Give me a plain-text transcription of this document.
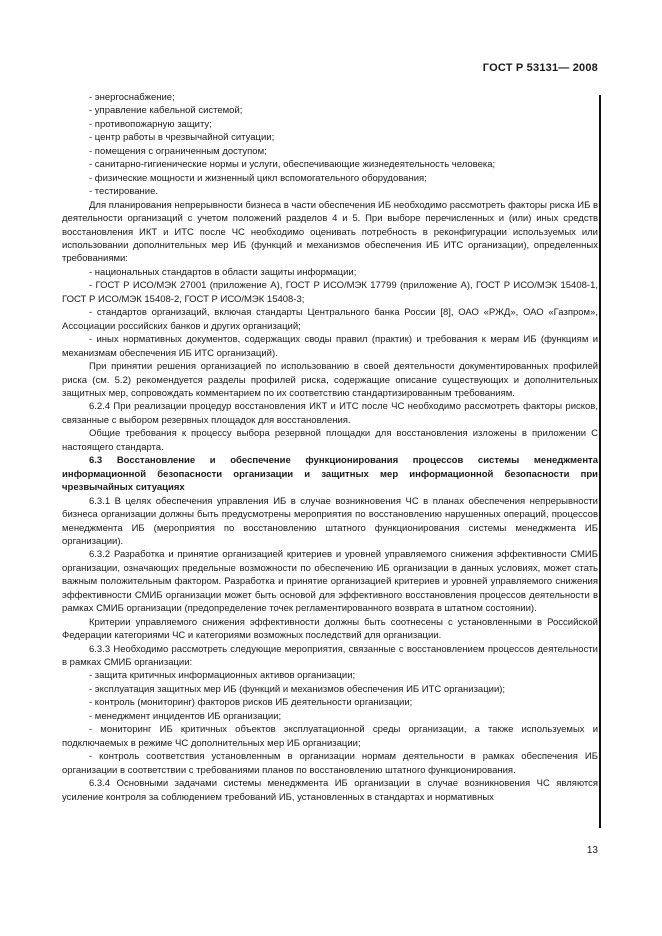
ГОСТ Р 53131— 2008
- энергоснабжение;
- управление кабельной системой;
- противопожарную защиту;
- центр работы в чрезвычайной ситуации;
- помещения с ограниченным доступом;
- санитарно-гигиенические нормы и услуги, обеспечивающие жизнедеятельность человека;
- физические мощности и жизненный цикл вспомогательного оборудования;
- тестирование.

Для планирования непрерывности бизнеса в части обеспечения ИБ необходимо рассмотреть факторы риска ИБ в деятельности организаций с учетом положений разделов 4 и 5. При выборе перечисленных и (или) иных средств восстановления ИКТ и ИТС после ЧС необходимо оценивать потребность в реконфигурации используемых или использовании дополнительных мер ИБ (функций и механизмов обеспечения ИБ ИТС организации), определенных требованиями:

- национальных стандартов в области защиты информации;

- ГОСТ Р ИСО/МЭК 27001 (приложение А), ГОСТ Р ИСО/МЭК 17799 (приложение А), ГОСТ Р ИСО/МЭК 15408-1, ГОСТ Р ИСО/МЭК 15408-2, ГОСТ Р ИСО/МЭК 15408-3;

- стандартов организаций, включая стандарты Центрального банка России [8], ОАО «РЖД», ОАО «Газпром», Ассоциации российских банков и других организаций;

- иных нормативных документов, содержащих своды правил (практик) и требования к мерам ИБ (функциям и механизмам обеспечения ИБ ИТС организаций).

При принятии решения организацией по использованию в своей деятельности документированных профилей риска (см. 5.2) рекомендуется разделы профилей риска, содержащие описание существующих и дополнительных защитных мер, сопровождать комментарием по их соответствию стандартизированным требованиям.

6.2.4 При реализации процедур восстановления ИКТ и ИТС после ЧС необходимо рассмотреть факторы рисков, связанные с выбором резервных площадок для восстановления.

Общие требования к процессу выбора резервной площадки для восстановления изложены в приложении С настоящего стандарта.

6.3 Восстановление и обеспечение функционирования процессов системы менеджмента информационной безопасности организации и защитных мер информационной безопасности при чрезвычайных ситуациях

6.3.1 В целях обеспечения управления ИБ в случае возникновения ЧС в планах обеспечения непрерывности бизнеса организации должны быть предусмотрены мероприятия по восстановлению нарушенных операций, процессов менеджмента ИБ (мероприятия по восстановлению штатного функционирования системы менеджмента ИБ организации).

6.3.2 Разработка и принятие организацией критериев и уровней управляемого снижения эффективности СМИБ организации, означающих предельные возможности по обеспечению ИБ организации в данных условиях, может стать важным положительным фактором. Разработка и принятие организацией критериев и уровней управляемого снижения эффективности СМИБ организации может быть основой для эффективного восстановления процессов деятельности в рамках СМИБ организации (предопределение точек регламентированного возврата в штатном состоянии).

Критерии управляемого снижения эффективности должны быть соотнесены с установленными в Российской Федерации категориями ЧС и категориями возможных последствий для организации.

6.3.3 Необходимо рассмотреть следующие мероприятия, связанные с восстановлением процессов деятельности в рамках СМИБ организации:

- защита критичных информационных активов организации;

- эксплуатация защитных мер ИБ (функций и механизмов обеспечения ИБ ИТС организации);

- контроль (мониторинг) факторов рисков ИБ деятельности организации;

- менеджмент инцидентов ИБ организации;

- мониторинг ИБ критичных объектов эксплуатационной среды организации, а также используемых и подключаемых в режиме ЧС дополнительных мер ИБ организации;

- контроль соответствия установленным в организации нормам деятельности в рамках обеспечения ИБ организации в соответствии с требованиями планов по восстановлению штатного функционирования.

6.3.4 Основными задачами системы менеджмента ИБ организации в случае возникновения ЧС являются усиление контроля за соблюдением требований ИБ, установленных в стандартах и нормативных

13
